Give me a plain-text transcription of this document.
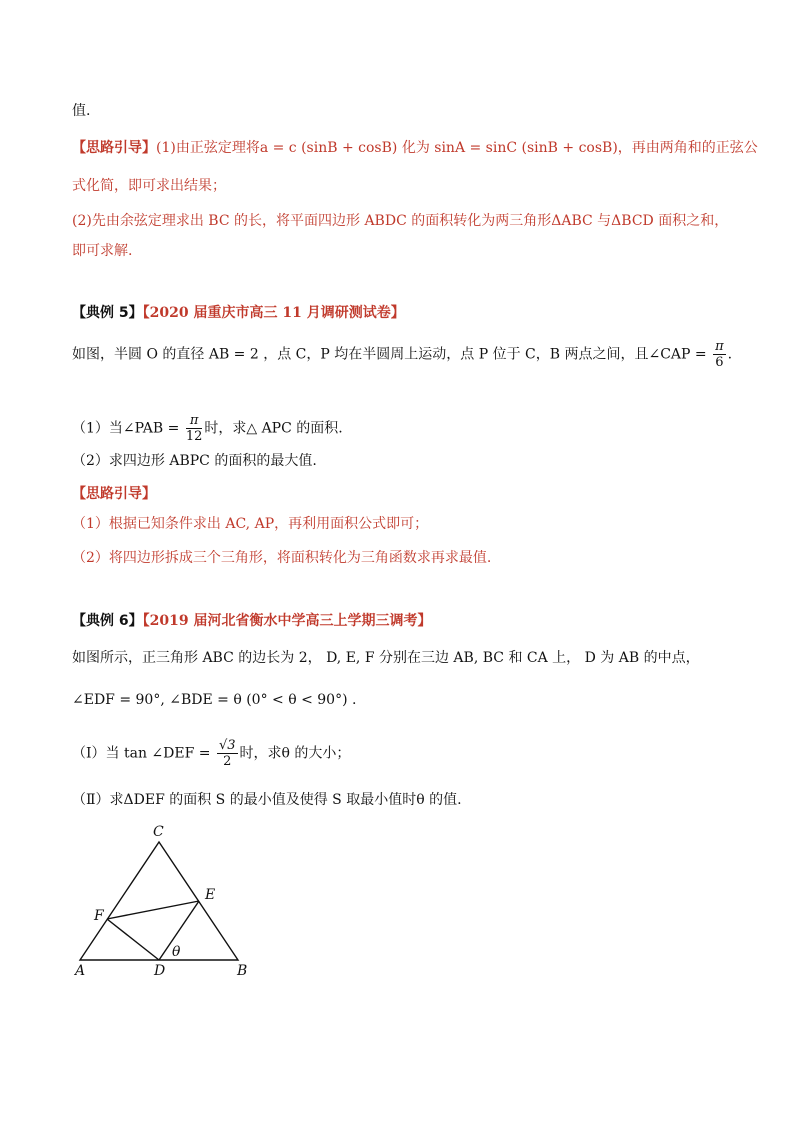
值.
【思路引导】(1)由正弦定理将a = c (sinB + cosB) 化为 sinA = sinC (sinB + cosB)，再由两角和的正弦公
式化简，即可求出结果；
(2)先由余弦定理求出 BC 的长，将平面四边形 ABDC 的面积转化为两三角形ΔABC 与ΔBCD 面积之和，
即可求解.
【典例 5】【2020 届重庆市高三 11 月调研测试卷】
如图，半圆 O 的直径 AB = 2 ，点 C，P 均在半圆周上运动，点 P 位于 C，B 两点之间，且∠CAP = $\frac{\pi}{6}$ .
（1）当∠PAB = $\frac{\pi}{12}$ 时，求△ APC 的面积.
（2）求四边形 ABPC 的面积的最大值.
【思路引导】
（1）根据已知条件求出 AC, AP，再利用面积公式即可；
（2）将四边形拆成三个三角形，将面积转化为三角函数求再求最值.
【典例 6】【2019 届河北省衡水中学高三上学期三调考】
如图所示，正三角形 ABC 的边长为 2， D, E, F 分别在三边 AB, BC 和 CA 上， D 为 AB 的中点，
∠EDF = 90°, ∠BDE = θ (0° < θ < 90°) .
（Ⅰ）当 tan ∠DEF = $\frac{√3}{2}$ 时，求θ 的大小；
（Ⅱ）求ΔDEF 的面积 S 的最小值及使得 S 取最小值时θ 的值.
C
E
F
θ
A	D	B
